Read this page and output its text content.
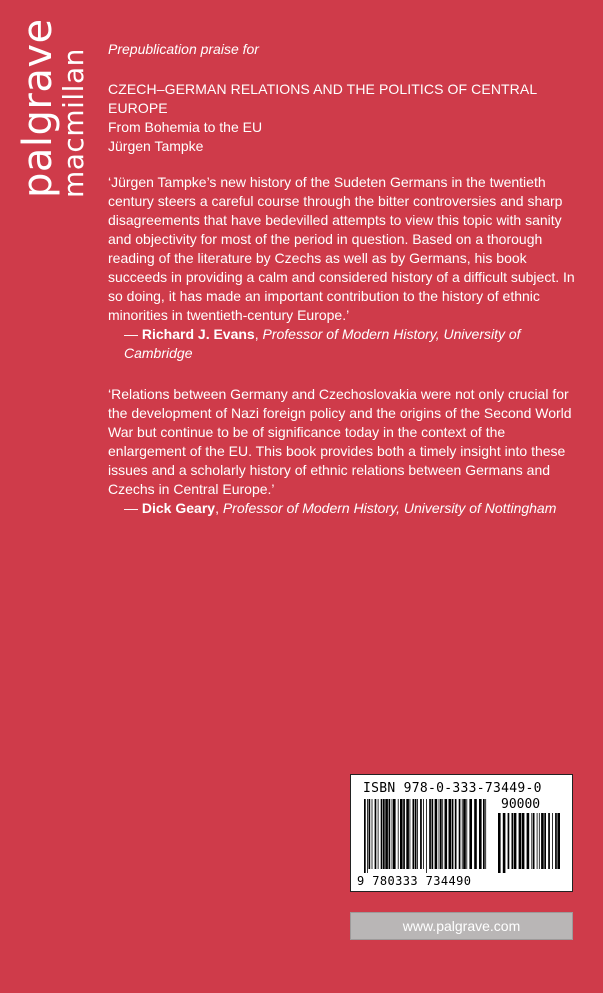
palgrave
macmillan Prepublication praise for

CZECH–GERMAN RELATIONS AND THE POLITICS OF CENTRAL EUROPE

From Bohemia to the EU

Jürgen Tampke

‘Jürgen Tampke’s new history of the Sudeten Germans in the twentieth century steers a careful course through the bitter controversies and sharp disagreements that have bedevilled attempts to view this topic with sanity and objectivity for most of the period in question. Based on a thorough reading of the literature by Czechs as well as by Germans, his book succeeds in providing a calm and considered history of a difficult subject. In so doing, it has made an important contribution to the history of ethnic minorities in twentieth-century Europe.’

— Richard J. Evans, Professor of Modern History, University of Cambridge

‘Relations between Germany and Czechoslovakia were not only crucial for the development of Nazi foreign policy and the origins of the Second World War but continue to be of significance today in the context of the enlargement of the EU. This book provides both a timely insight into these issues and a scholarly history of ethnic relations between Germans and Czechs in Central Europe.’

— Dick Geary, Professor of Modern History, University of Nottingham

ISBN 978-0-333-73449-0
90000
9 780333 734490
www.palgrave.com
